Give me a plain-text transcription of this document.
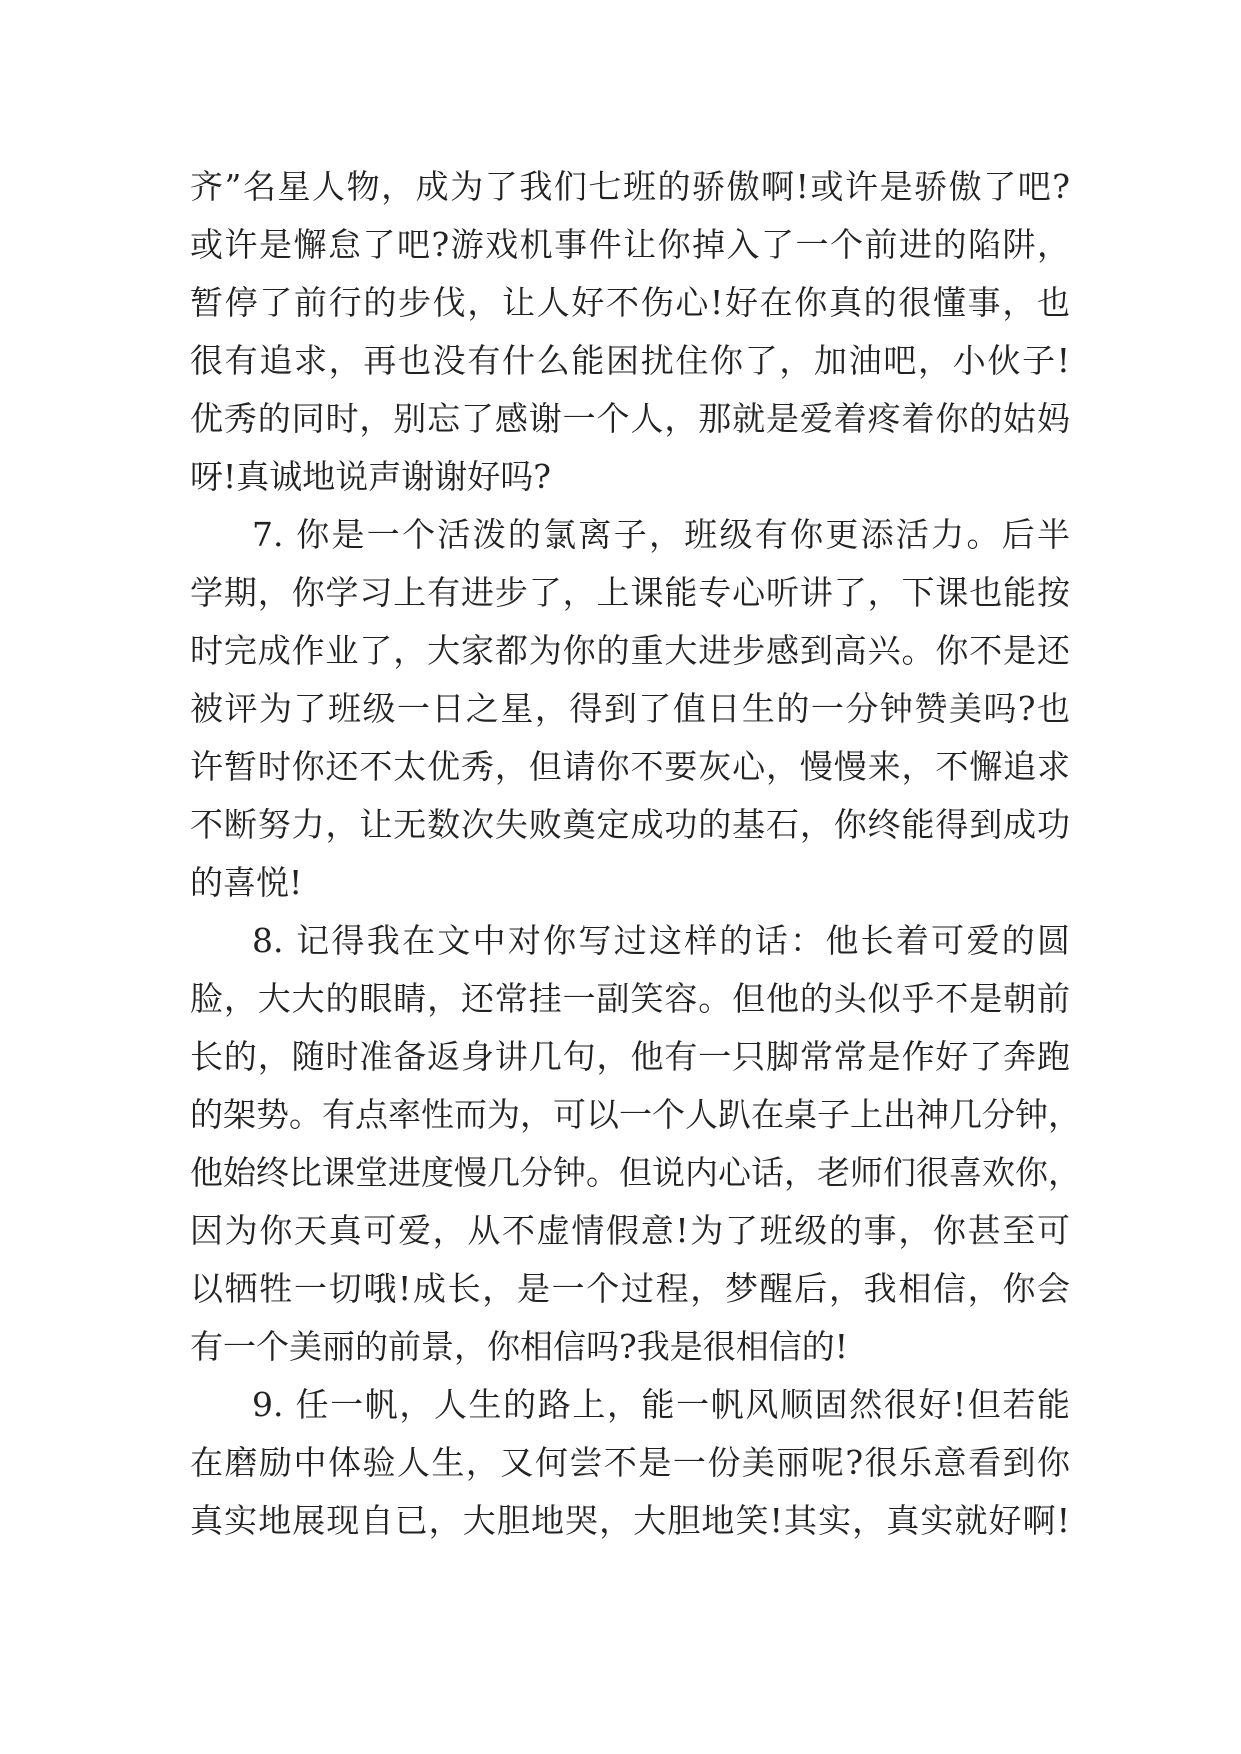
齐”名星人物，成为了我们七班的骄傲啊!或许是骄傲了吧?
或许是懈怠了吧?游戏机事件让你掉入了一个前进的陷阱，
暂停了前行的步伐，让人好不伤心!好在你真的很懂事，也
很有追求，再也没有什么能困扰住你了，加油吧，小伙子!
优秀的同时，别忘了感谢一个人，那就是爱着疼着你的姑妈
呀!真诚地说声谢谢好吗?
7. 你是一个活泼的氯离子，班级有你更添活力。后半
学期，你学习上有进步了，上课能专心听讲了，下课也能按
时完成作业了，大家都为你的重大进步感到高兴。你不是还
被评为了班级一日之星，得到了值日生的一分钟赞美吗?也
许暂时你还不太优秀，但请你不要灰心，慢慢来，不懈追求
不断努力，让无数次失败奠定成功的基石，你终能得到成功
的喜悦!
8. 记得我在文中对你写过这样的话：他长着可爱的圆
脸，大大的眼睛，还常挂一副笑容。但他的头似乎不是朝前
长的，随时准备返身讲几句，他有一只脚常常是作好了奔跑
的架势。有点率性而为，可以一个人趴在桌子上出神几分钟，
他始终比课堂进度慢几分钟。但说内心话，老师们很喜欢你，
因为你天真可爱，从不虚情假意!为了班级的事，你甚至可
以牺牲一切哦!成长，是一个过程，梦醒后，我相信，你会
有一个美丽的前景，你相信吗?我是很相信的!
9. 任一帆，人生的路上，能一帆风顺固然很好!但若能
在磨励中体验人生，又何尝不是一份美丽呢?很乐意看到你
真实地展现自已，大胆地哭，大胆地笑!其实，真实就好啊!
